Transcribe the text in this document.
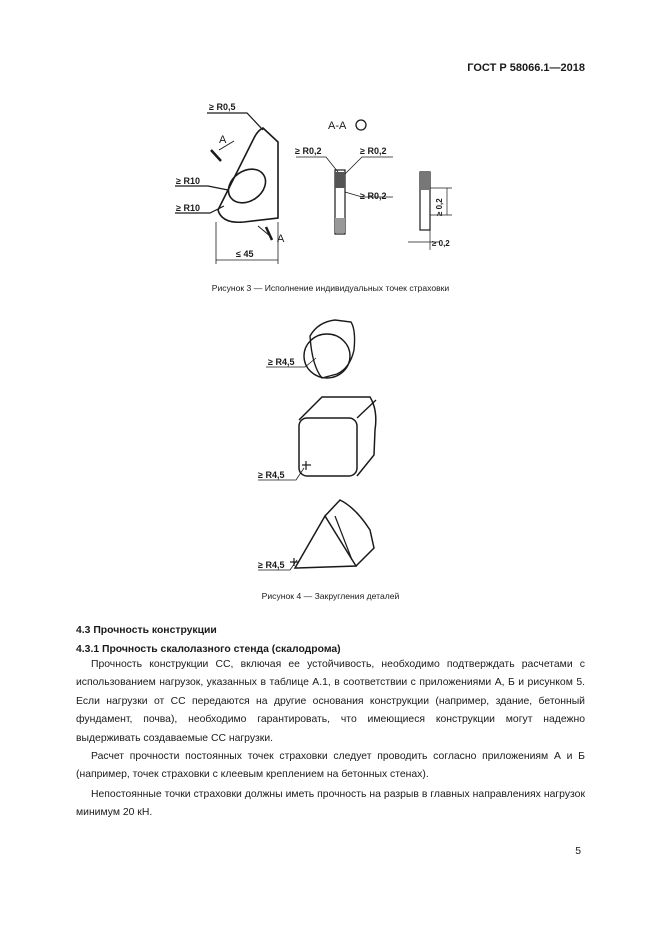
ГОСТ Р 58066.1—2018
≥ R0,5
A
A
≥ R10
≥ R10
≤ 45
А-А
≥ R0,2	≥ R0,2
≥ R0,2
≥ 0,2
≥ 0,2
≥ R4,5
≥ R4,5
≥ R4,5
Рисунок 3 — Исполнение индивидуальных точек страховки
Рисунок 4 — Закругления деталей
4.3 Прочность конструкции
4.3.1 Прочность скалолазного стенда (скалодрома)

Прочность конструкции СС, включая ее устойчивость, необходимо подтверждать расчетами с использованием нагрузок, указанных в таблице А.1, в соответствии с приложениями А, Б и рисунком 5. Если нагрузки от СС передаются на другие основания конструкции (например, здание, бетонный фундамент, почва), необходимо гарантировать, что имеющиеся конструкции могут надежно выдерживать создаваемые СС нагрузки.

Расчет прочности постоянных точек страховки следует проводить согласно приложениям А и Б (например, точек страховки с клеевым креплением на бетонных стенах).

Непостоянные точки страховки должны иметь прочность на разрыв в главных направлениях нагрузок минимум 20 кН.

5
